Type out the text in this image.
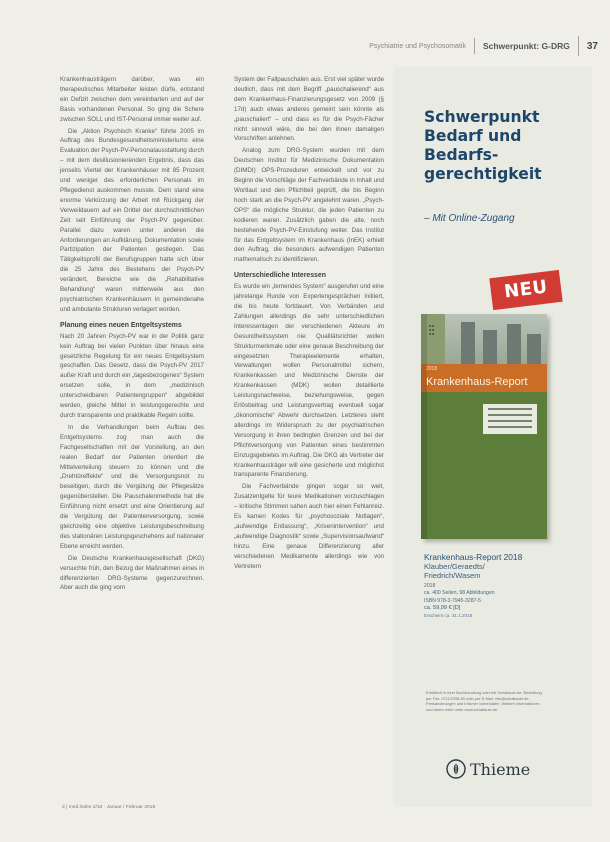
Psychiatrie und Psychosomatik Schwerpunkt: G-DRG 37

Krankenhausträgern darüber, was ein therapeutisches Mitarbeiter leisten dürfe, entstand ein Defizit zwischen dem vereinbarten und auf der Basis vorhandenen Personal. So ging die Schere zwischen SOLL und IST-Personal immer weiter auf.

Die „Aktion Psychisch Kranke“ führte 2005 im Auftrag des Bundesgesundheitsministeriums eine Evaluation der Psych-PV-Personalausstattung durch – mit dem desillusionierenden Ergebnis, dass das jenseits Viertel der Krankenhäuser mit 85 Prozent und weniger des erforderlichen Personals im Pflegedienst auskommen musste. Dem stand eine enorme Verkürzung der Arbeit mit Rückgang der Verweildauern auf ein Drittel der durchschnittlichen Zeit seit Einführung der Psych-PV gegenüber. Parallel dazu waren unter anderen die Anforderungen an Aufklärung, Dokumentation sowie Partizipation der Patienten gestiegen. Das Tätigkeitsprofil der Berufsgruppen hatte sich über die 25 Jahre des Bestehens der Psych-PV verändert, Bereiche wie die „Rehabilitative Behandlung“ waren mittlerweile aus den psychiatrischen Krankenhäusern in gemeindenahe und ambulante Strukturen verlagert worden.

Planung eines neuen Entgeltsystems

Nach 20 Jahren Psych-PV war in der Politik ganz kein Auftrag bei vielen Punkten über hinaus eine gesetzliche Regelung für ein neues Entgeltsystem geschaffen. Das Gesetz, dass die Psych-PV 2017 außer Kraft und durch ein „tagesbezogenes“ System ersetzen solle, in dem „medizinisch unterscheidbaren Patientengruppen“ abgebildet werden, gleiche Mittel in leistungsgerechte und durch transparente und praktikable Regeln sollte.

In die Verhandlungen beim Aufbau des Entgeltsystems zog man auch die Fachgesellschaften mit der Vorstellung, an den realen Bedarf der Patienten orientiert die Mittelverteilung steuern zu können und die „Drehtüreffekte“ und die Versorgungsnot zu beseitigen, durch die Vergütung der Pflegesätze gegenüberstellen. Die Pauschalenmethode hat die Einführung nicht ersetzt und eine Orientierung auf die Vergütung der Patientenversorgung, sowie gleichzeitig eine objektive Leistungsbeschreibung des stationären Leistungsgeschehens auf nationaler Ebene erreicht werden.

Die Deutsche Krankenhausgesellschaft (DKG) versuchte früh, den Bezug der Maßnahmen eines in differenzierten DRG-Systeme gegenzurechnen. Aber auch die ging vom

System der Fallpauschalen aus. Erst viel später wurde deutlich, dass mit dem Begriff „pauschalierend“ aus dem Krankenhaus-Finanzierungsgesetz von 2009 (§ 17d) auch etwas anderes gemeint sein könnte als „pauschaliert“ – und dass es für die Psych-Fächer nicht sinnvoll wäre, die bei den ihnen damaligen Vorschriften anlehnen.

Analog zum DRG-System wurden mit dem Deutschen Institut für Medizinische Dokumentation (DIMDI) OPS-Prozeduren entwickelt und vor zu Beginn die Vorschläge der Fachverbände in Inhalt und Wortlaut und den Pflichtteil geprüft, die bis Beginn hoch stark an die Psych-PV angelehnt waren. „Psych-OPS“ die mögliche Struktur, die jeden Patienten zu kodieren waren. Zusätzlich gaben die alte, noch bestehende Psych-PV-Einstufung weiter. Das Institut für das Entgeltsystem im Krankenhaus (InEK) erhielt den Auftrag, die besonders aufwendigen Patienten mathematisch zu identifizieren.

Unterschiedliche Interessen

Es wurde ein „lernendes System“ ausgerufen und eine jahrelange Runde von Expertengesprächen initiiert, die bis heute fortdauert. Von Verbänden und Zahlungen allerdings die sehr unterschiedlichen Interessenlagen der verschiedenen Akteure im Gesundheitssystem nie: Qualitätsrichter wollen Strukturmerkmale oder eine genaue Beschreibung der eingesetzten Therapieelemente erhalten, Verwaltungen wollen Personalmittel sichern, Krankenkassen und Medizinische Dienste der Krankenkassen (MDK) wollen detaillierte Leistungsnachweise, beziehungsweise, gegen Erlösbeitrag und Leistungsvertrag eventuell sogar „ökonomische“ Abwehr durchsetzen. Letzteres steht allerdings im Widerspruch zu der psychiatrischen Versorgung in ihren bedingten Grenzen und bei der Pflichtversorgung von Patienten eines bestimmten Einzugsgebietes im Auftrag. Die DKG als Vertreter der Krankenhausträger will eine gesicherte und möglichst transparente Finanzierung.

Die Fachverbände gingen sogar so weit, Zusatzentgelte für teure Medikationen vorzuschlagen – kritische Stimmen sahen auch hier einen Fehlanreiz. Es kamen Kodes für „psychosoziale Notlagen“, „aufwendige Entlassung“, „Krisenintervention“ und „aufwendige Diagnostik“ sowie „Supervisionsaufwand“ hinzu. Eine genaue Differenzierung aller verschiedenen Medikamente allerdings wie von Vertretern

3 | med.lndex 2/18 · Januar / Februar 2018
Schwerpunkt
Bedarf und
Bedarfs-
gerechtigkeit
– Mit Online-Zugang
NEU
■ ■
■ ■
■ ■
2018
Krankenhaus-Report
Krankenhaus-Report 2018
Klauber/Geraedts/
Friedrich/Wasem
2018
ca. 400 Seiten, 98 Abbildungen
ISBN 978-3-7945-3287-5
ca. 59,99 € [D]
Erscheint ca. 31.1.2018
Erhältlich in Ihrer Buchhandlung oder bei Schattauer.de. Bestellung per Fax: 0711/2298-50 oder per E-Mail: info@schattauer.de, Preisänderungen und Irrtümer vorbehalten. Weitere Informationen und vieles mehr unter www.schattauer.de.
Thieme
